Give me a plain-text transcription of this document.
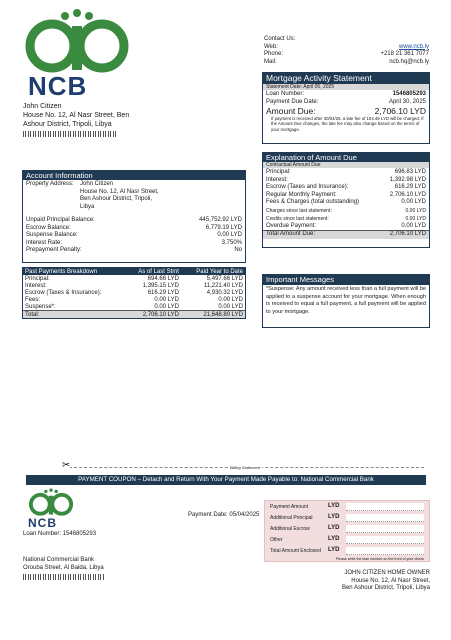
NCB
John Citizen
House No. 12, Al Nasr Street, Ben
Ashour District, Tripoli, Libya
Contact Us:
Web:	www.ncb.ly
Phone:	+218 21 361 7077
Mail:	ncb.hq@ncb.ly
Mortgage Activity Statement
Statement Date: April 05, 2025
Loan Number:	1546805293
Payment Due Date:	April 30, 2025
Amount Due:	2,706.10 LYD
If payment is received after 30/04/25, a late fee of 104.49 LYD will be charged. If the Amount Due changes, the late fee may also change based on the terms of your mortgage.
Account Information
Property Address:	John Citizen
House No. 12, Al Nasr Street,
Ben Ashour District, Tripoli,
Libya
Unpaid Principal Balance:	445,752.92 LYD
Escrow Balance:	6,779.19 LYD
Suspense Balance:	0.00 LYD
Interest Rate:	3.750%
Prepayment Penalty:	No
Explanation of Amount Due
Contractual Amount Due
Principal:	696.83 LYD
Interest:	1,392.98 LYD
Escrow (Taxes and Insurance):	616.29 LYD
Regular Monthly Payment:	2,706.10 LYD
Fees & Charges (total outstanding)	0.00 LYD
Charges since last statement:	0.00 LYD
Credits since last statement:	0.00 LYD
Overdue Payment:	0.00 LYD
Total Amount Due:	2,706.10 LYD
Past Payments Breakdown	As of Last Stmt	Paid Year to Date
Principal:	694.66 LYD	5,497.66 LYD
Interest:	1,395.15 LYD	11,221.40 LYD
Escrow (Taxes & Insurance):	616.29 LYD	4,930.32 LYD
Fees:	0.00 LYD	0.00 LYD
Suspense*:	0.00 LYD	0.00 LYD
Total:	2,706.10 LYD	21,648.80 LYD
Important Messages
*Suspense: Any amount received less than a full payment will be applied to a suspense account for your mortgage. When enough is received to equal a full payment, a full payment will be applied to your mortgage.
✂	Billing Statement
PAYMENT COUPON – Detach and Return With Your Payment Made Payable to: National Commercial Bank
NCB
Loan Number: 1546805293
Payment Date: 05/04/2025
National Commercial Bank
Orouba Street, Al Baida, Libya
Payment Amount	LYD
Additional Principal	LYD
Additional Escrow	LYD
Other	LYD
Total Amount Enclosed	LYD
Please write the loan number on the front of your check
JOHN CITIZEN HOME OWNER
House No. 12, Al Nasr Street,
Ben Ashour District, Tripoli, Libya
